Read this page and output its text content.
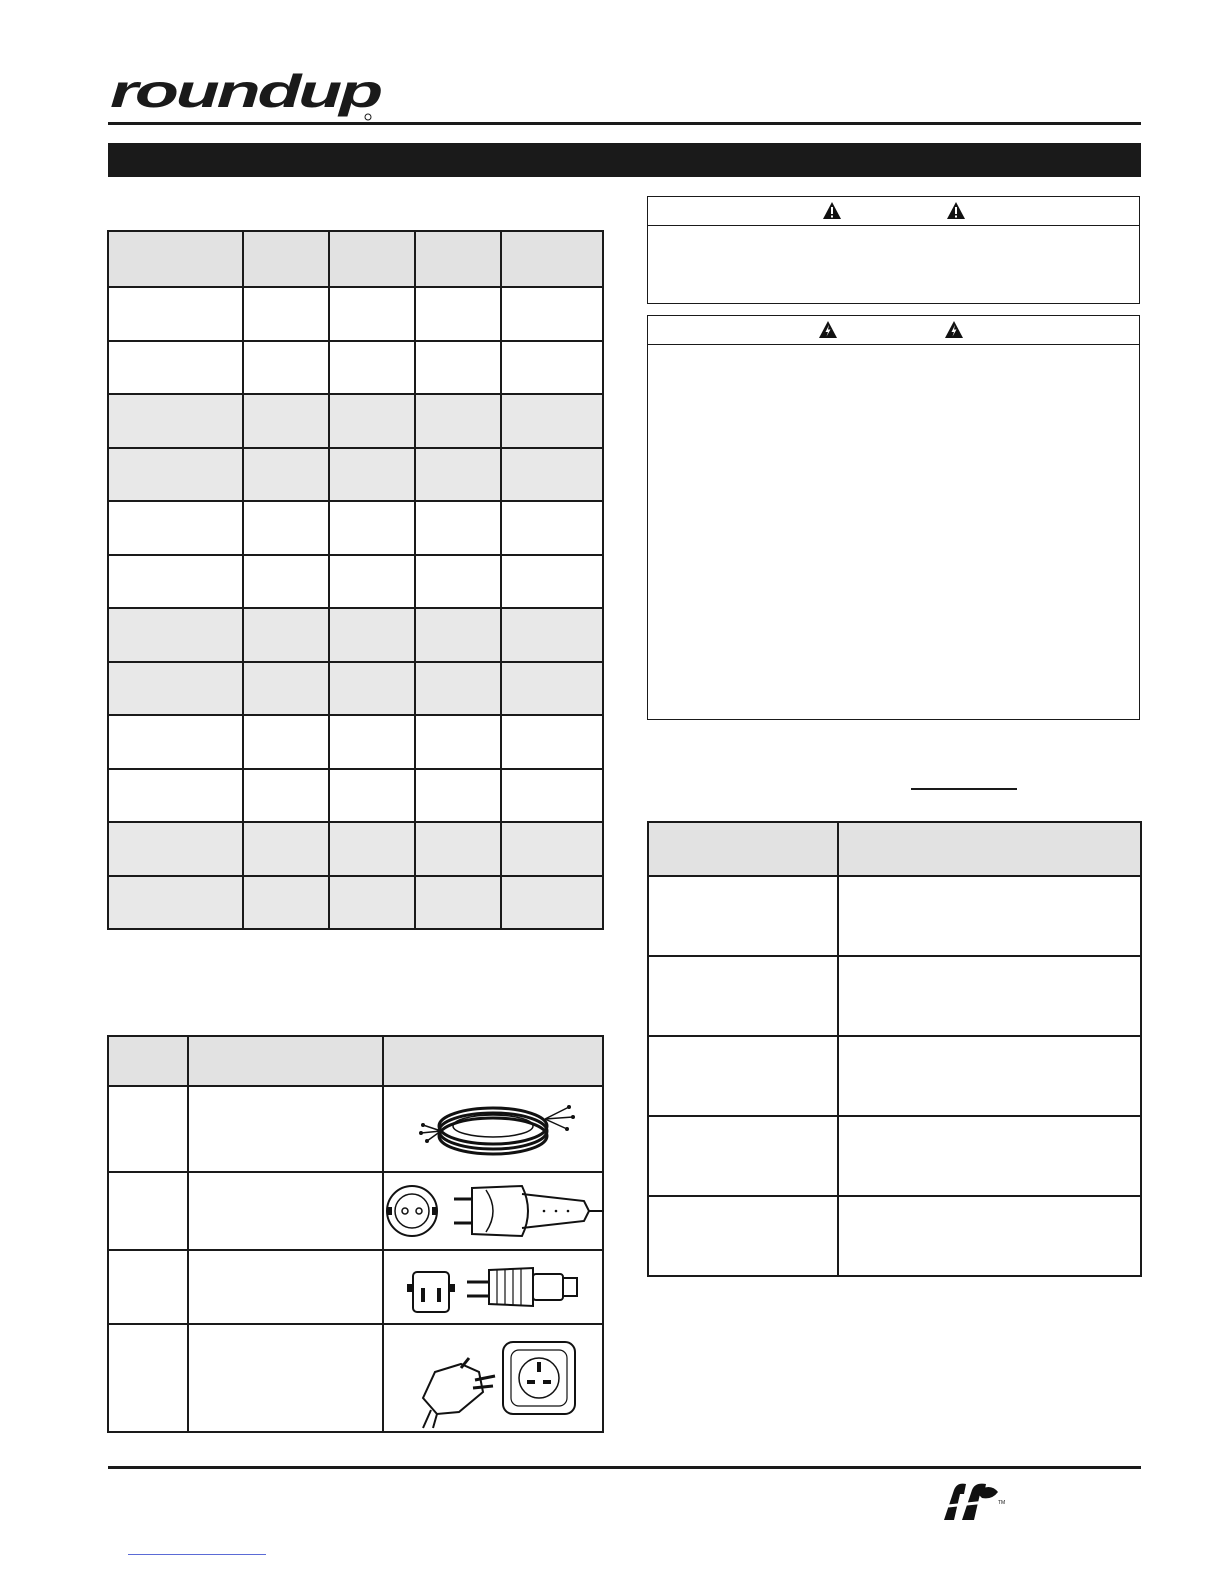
roundup

TM
